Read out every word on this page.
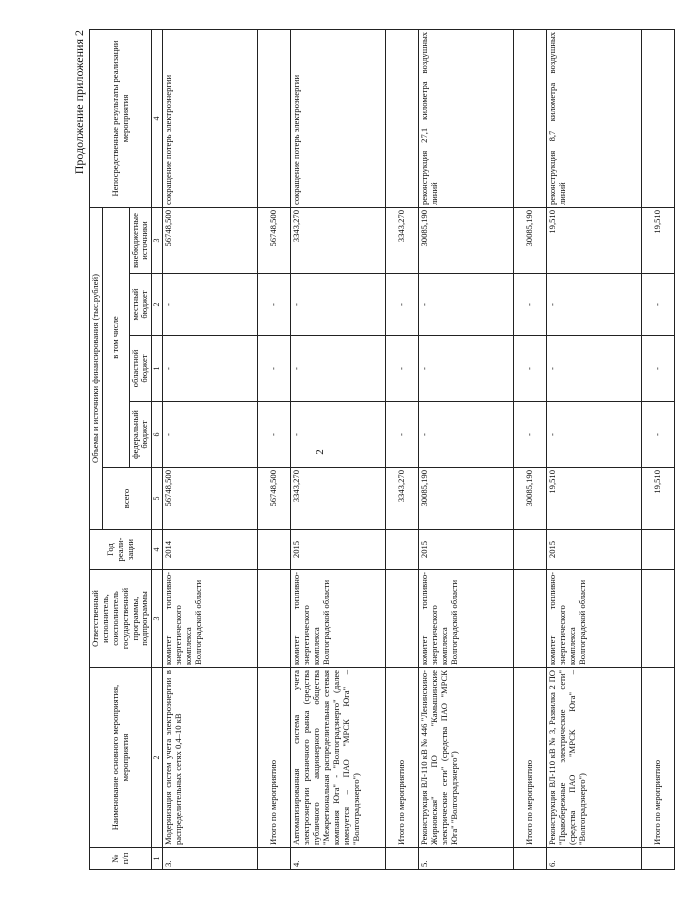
2
Продолжение приложения 2
№ п/п	Наименование основного мероприятия, мероприятия	Ответственный исполнитель, соисполнитель государственной программы, подпрограммы	Год реали-зации	Объемы и источники финансирования (тыс.рублей)					Непосредственные результаты реализации мероприятия
				всего	в том числе				
					федеральный бюджет	областной бюджет	местный бюджет	внебюджетные источники	
1	2	3	4	5	6	1	2	3	4
3.	Модернизация систем учета электроэнергии в распределительных сетях 0,4–10 кВ	комитет топливно-энергетического комплекса Волгоградской области	2014	56748,500	-	-	-	56748,500	сокращение потерь электроэнергии
	Итого по мероприятию			56748,500	-	-	-	56748,500	
4.	Автоматизированная система учета электроэнергии розничного рынка (средства публичного акционерного общества "Межрегиональная распределительная сетевая компания Юга" - "Волгоградэнерго" (далее именуется – ПАО "МРСК Юга" – "Волгоградэнерго")	комитет топливно-энергетического комплекса Волгоградской области	2015	3343,270	-	-	-	3343,270	сокращение потерь электроэнергии
	Итого по мероприятию			3343,270	-	-	-	3343,270	
5.	Реконструкция ВЛ-110 кВ № 446 "Ленинскино-Жирновская" ПО "Камышинские электрические сети" (средства ПАО "МРСК Юга" "Волгоградэнерго")	комитет топливно-энергетического комплекса Волгоградской области	2015	30085,190	-	-	-	30085,190	реконструкция 27,1 километра воздушных линий
	Итого по мероприятию			30085,190	-	-	-	30085,190	
6.	Реконструкция ВЛ-110 кВ № 3, Развилка 2 ПО "Правобережные электрические сети" (средства ПАО "МРСК Юга" – "Волгоградэнерго")	комитет топливно-энергетического комплекса Волгоградской области	2015	19,510	-	-	-	19,510	реконструкция 8,7 километра воздушных линий
	Итого по мероприятию			19,510	-	-	-	19,510	
